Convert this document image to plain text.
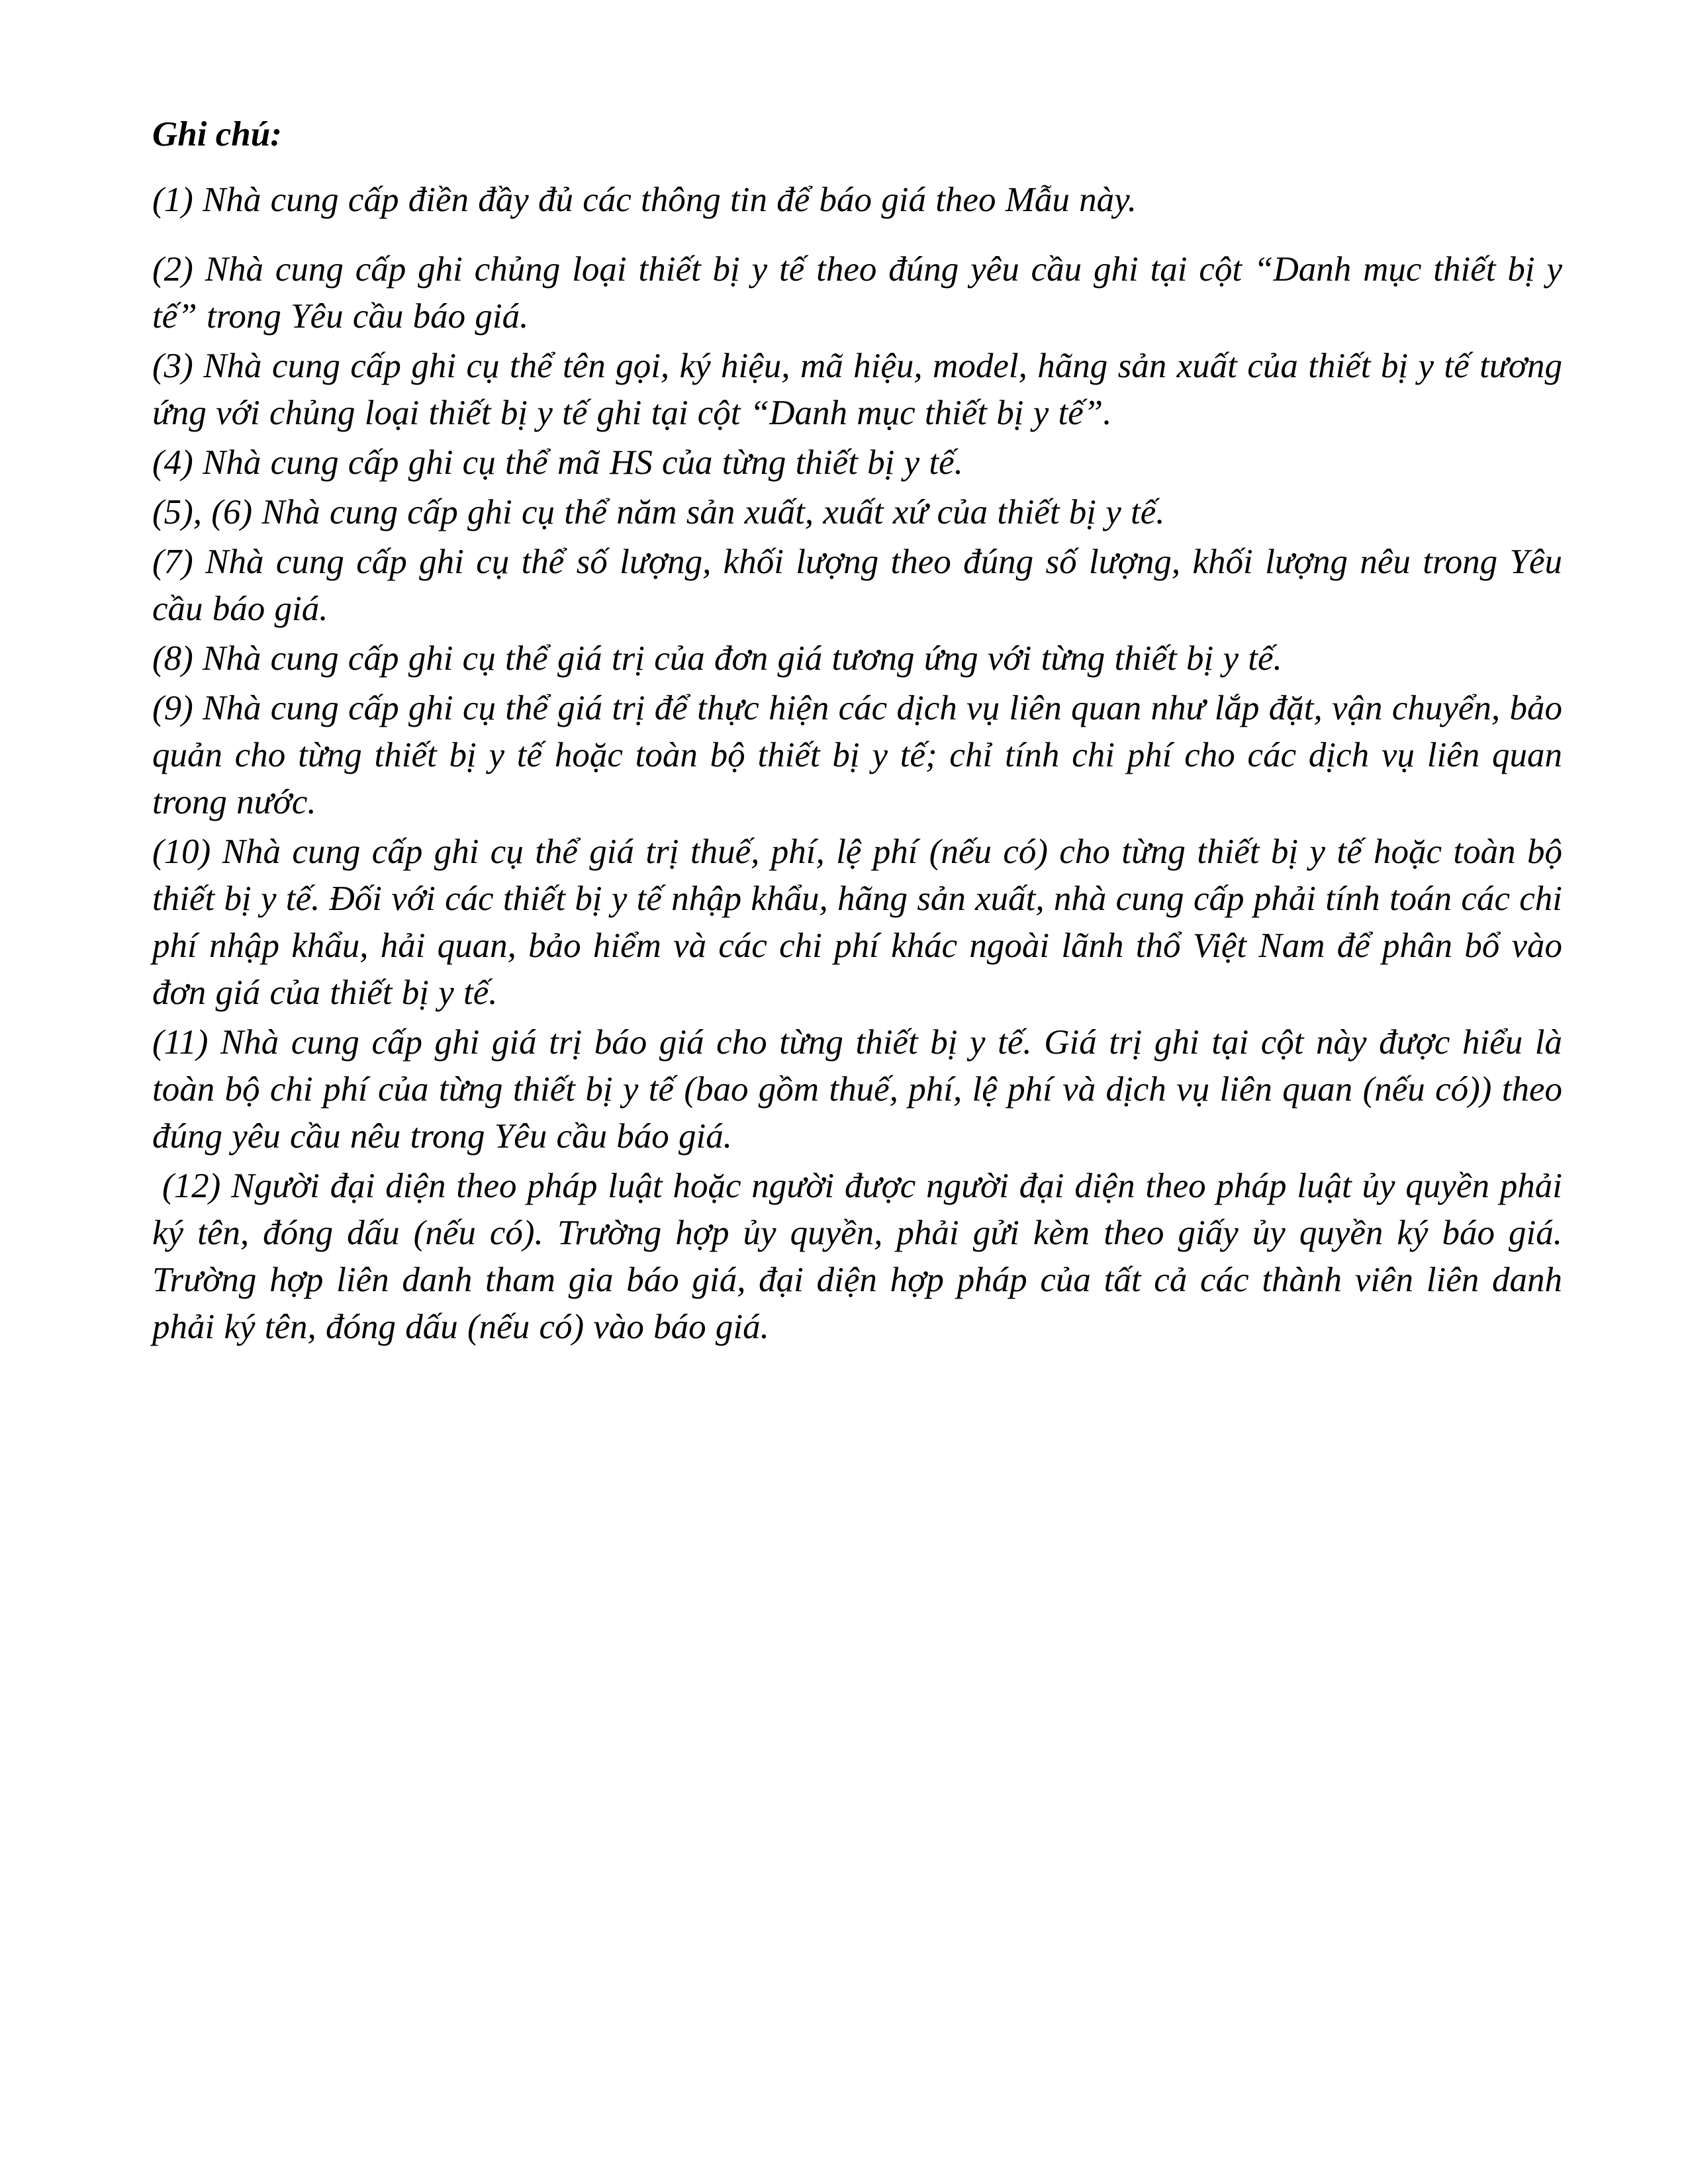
Ghi chú:

(1) Nhà cung cấp điền đầy đủ các thông tin để báo giá theo Mẫu này.

(2) Nhà cung cấp ghi chủng loại thiết bị y tế theo đúng yêu cầu ghi tại cột “Danh mục thiết bị y tế” trong Yêu cầu báo giá.

(3) Nhà cung cấp ghi cụ thể tên gọi, ký hiệu, mã hiệu, model, hãng sản xuất của thiết bị y tế tương ứng với chủng loại thiết bị y tế ghi tại cột “Danh mục thiết bị y tế”.

(4) Nhà cung cấp ghi cụ thể mã HS của từng thiết bị y tế.

(5), (6) Nhà cung cấp ghi cụ thể năm sản xuất, xuất xứ của thiết bị y tế.

(7) Nhà cung cấp ghi cụ thể số lượng, khối lượng theo đúng số lượng, khối lượng nêu trong Yêu cầu báo giá.

(8) Nhà cung cấp ghi cụ thể giá trị của đơn giá tương ứng với từng thiết bị y tế.

(9) Nhà cung cấp ghi cụ thể giá trị để thực hiện các dịch vụ liên quan như lắp đặt, vận chuyển, bảo quản cho từng thiết bị y tế hoặc toàn bộ thiết bị y tế; chỉ tính chi phí cho các dịch vụ liên quan trong nước.

(10) Nhà cung cấp ghi cụ thể giá trị thuế, phí, lệ phí (nếu có) cho từng thiết bị y tế hoặc toàn bộ thiết bị y tế. Đối với các thiết bị y tế nhập khẩu, hãng sản xuất, nhà cung cấp phải tính toán các chi phí nhập khẩu, hải quan, bảo hiểm và các chi phí khác ngoài lãnh thổ Việt Nam để phân bổ vào đơn giá của thiết bị y tế.

(11) Nhà cung cấp ghi giá trị báo giá cho từng thiết bị y tế. Giá trị ghi tại cột này được hiểu là toàn bộ chi phí của từng thiết bị y tế (bao gồm thuế, phí, lệ phí và dịch vụ liên quan (nếu có)) theo đúng yêu cầu nêu trong Yêu cầu báo giá.

(12) Người đại diện theo pháp luật hoặc người được người đại diện theo pháp luật ủy quyền phải ký tên, đóng dấu (nếu có). Trường hợp ủy quyền, phải gửi kèm theo giấy ủy quyền ký báo giá. Trường hợp liên danh tham gia báo giá, đại diện hợp pháp của tất cả các thành viên liên danh phải ký tên, đóng dấu (nếu có) vào báo giá.
